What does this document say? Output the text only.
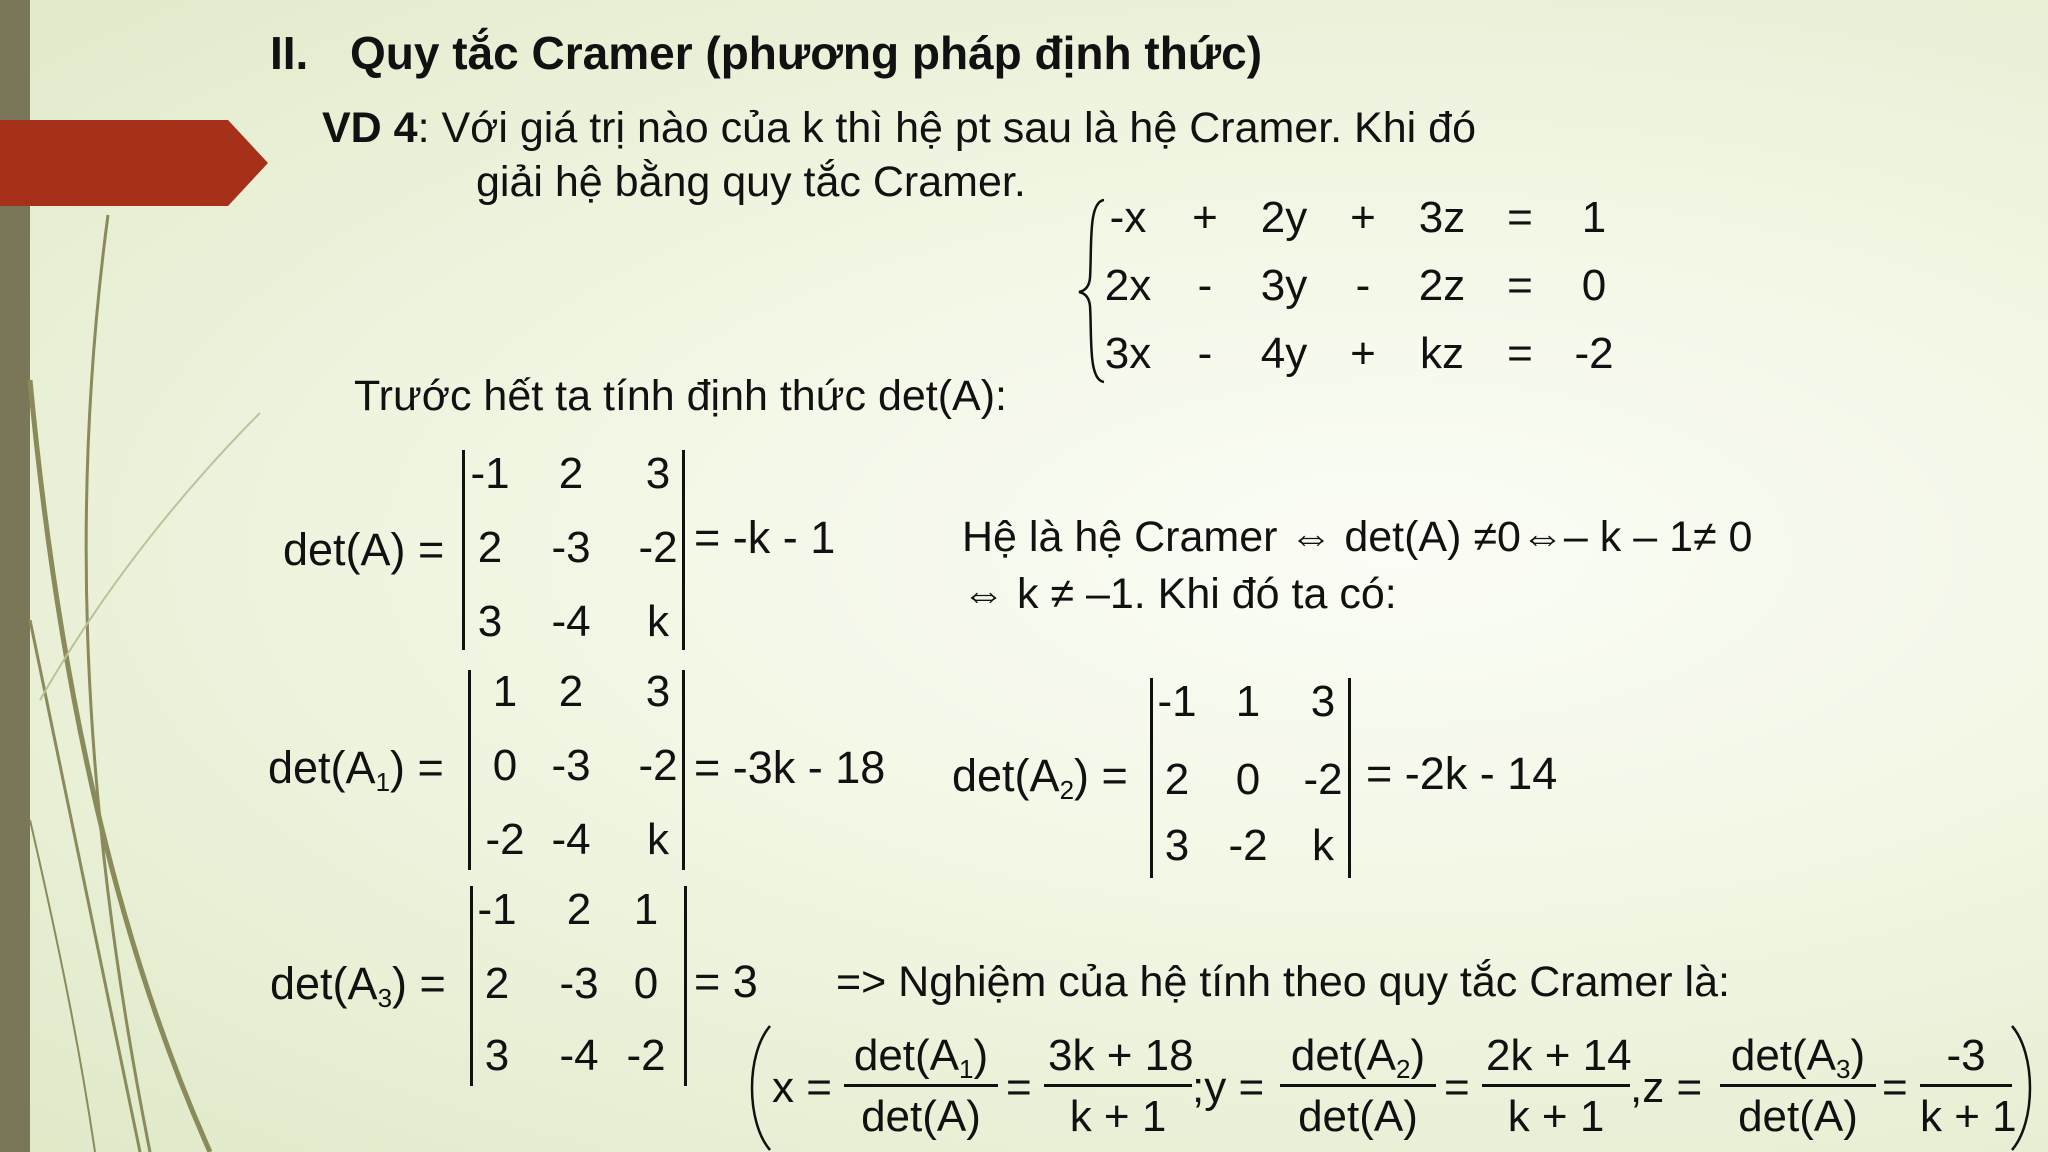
II. Quy tắc Cramer (phương pháp định thức)
VD 4: Với giá trị nào của k thì hệ pt sau là hệ Cramer. Khi đó
giải hệ bằng quy tắc Cramer.
-x + 2y + 3z = 1
2x - 3y - 2z = 0
3x - 4y + kz = -2
Trước hết ta tính định thức det(A):
det(A) =
-1 2 3
2 -3 -2
3 -4 k
= -k - 1	Hệ là hệ Cramer ⇔ det(A) ≠0⇔– k – 1≠ 0
⇔ k ≠ –1. Khi đó ta có:
$\det(A_1)$ =
1 2 3
0 -3 -2
-2 -4 k
= -3k - 18 $\det(A_2)$ =
-1 1 3
2 0 -2
3 -2 k
= -2k - 14
$\det(A_3)$ =
-1 2 1
2 -3 0
3 -4 -2
= 3 => Nghiệm của hệ tính theo quy tắc Cramer là:
x =
$\det(A_1)$
det(A)
= $\frac{3k + 18}{k + 1}$ ;y =
$\det(A_2)$
det(A)
= $\frac{2k + 14}{k + 1} ,z$ =
$\det(A_3)$
det(A)
= $\frac{-3}{k + 1}$
